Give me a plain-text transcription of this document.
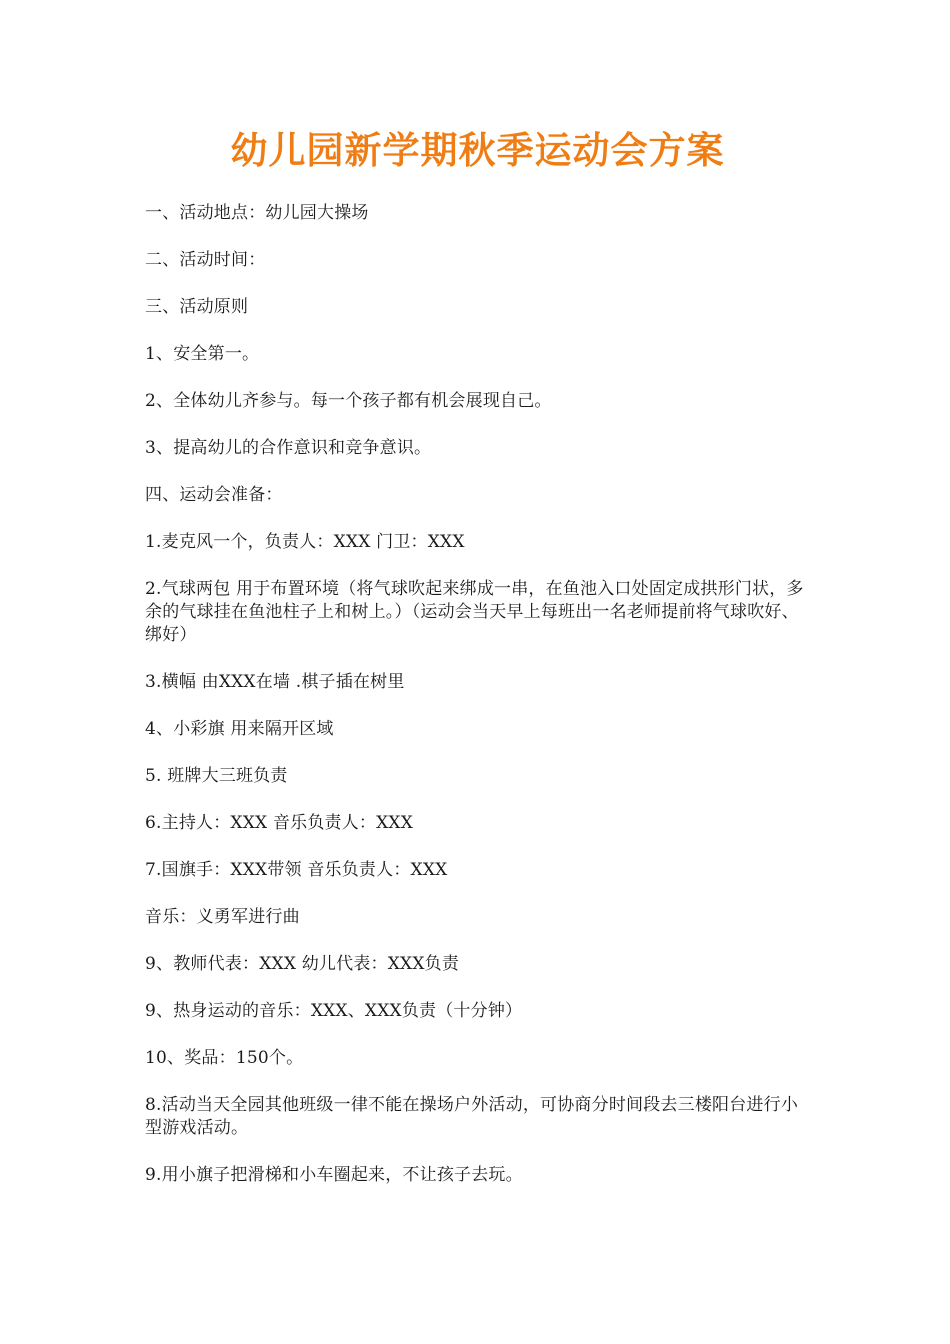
幼儿园新学期秋季运动会方案

一、活动地点：幼儿园大操场

二、活动时间：

三、活动原则

1、安全第一。

2、全体幼儿齐参与。每一个孩子都有机会展现自己。

3、提高幼儿的合作意识和竞争意识。

四、运动会准备：

1.麦克风一个，负责人：XXX 门卫：XXX

2.气球两包 用于布置环境（将气球吹起来绑成一串，在鱼池入口处固定成拱形门状，多余的气球挂在鱼池柱子上和树上。）（运动会当天早上每班出一名老师提前将气球吹好、绑好）

3.横幅 由XXX在墙 .棋子插在树里

4、小彩旗 用来隔开区域

5. 班牌大三班负责

6.主持人：XXX 音乐负责人：XXX

7.国旗手：XXX带领 音乐负责人：XXX

音乐：义勇军进行曲

9、教师代表：XXX 幼儿代表：XXX负责

9、热身运动的音乐：XXX、XXX负责（十分钟）

10、奖品：150个。

8.活动当天全园其他班级一律不能在操场户外活动，可协商分时间段去三楼阳台进行小型游戏活动。

9.用小旗子把滑梯和小车圈起来，不让孩子去玩。
